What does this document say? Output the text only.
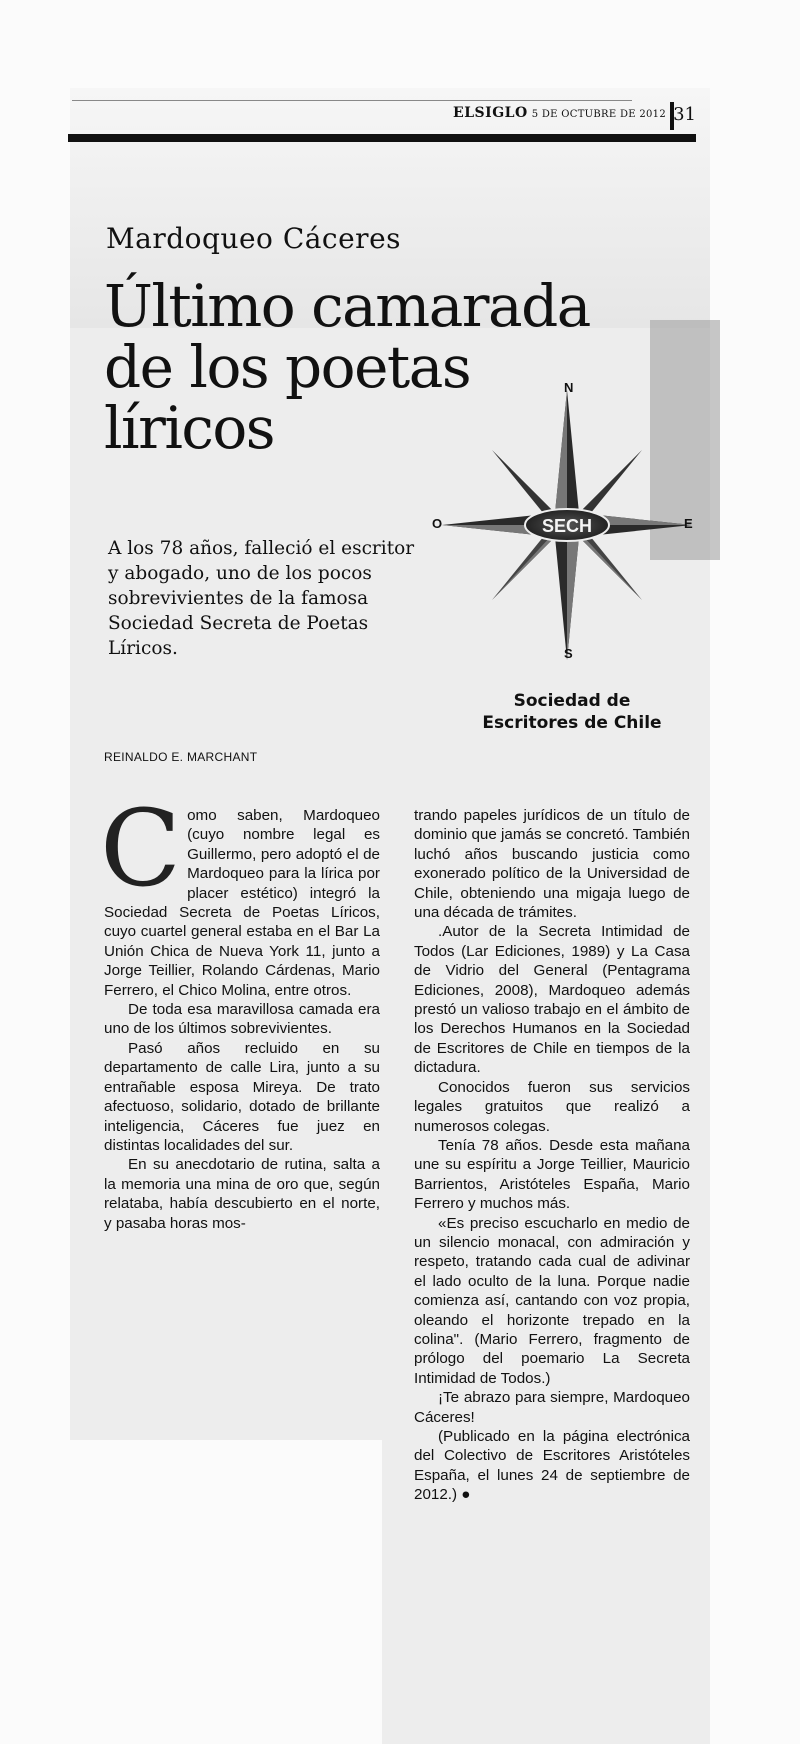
ELSIGLO 5 DE OCTUBRE DE 2012 31
Mardoqueo Cáceres
Último camarada
de los poetas
líricos
A los 78 años, falleció el escritor y abogado, uno de los pocos sobrevivientes de la famosa Sociedad Secreta de Poetas Líricos.
REINALDO E. MARCHANT
SECH
N
O	E
S
Sociedad de
Escritores de Chile

Como saben, Mardoqueo (cuyo nombre legal es Guillermo, pero adoptó el de Mardoqueo para la lírica por placer estético) integró la Sociedad Secreta de Poetas Líricos, cuyo cuartel general estaba en el Bar La Unión Chica de Nueva York 11, junto a Jorge Teillier, Rolando Cárdenas, Mario Ferrero, el Chico Molina, entre otros.

De toda esa maravillosa camada era uno de los últimos sobrevivientes.

Pasó años recluido en su departamento de calle Lira, junto a su entrañable esposa Mireya. De trato afectuoso, solidario, dotado de brillante inteligencia, Cáceres fue juez en distintas localidades del sur.

En su anecdotario de rutina, salta a la memoria una mina de oro que, según relataba, había descubierto en el norte, y pasaba horas mos-

trando papeles jurídicos de un título de dominio que jamás se concretó. También luchó años buscando justicia como exonerado político de la Universidad de Chile, obteniendo una migaja luego de una década de trámites.

.Autor de la Secreta Intimidad de Todos (Lar Ediciones, 1989) y La Casa de Vidrio del General (Pentagrama Ediciones, 2008), Mardoqueo además prestó un valioso trabajo en el ámbito de los Derechos Humanos en la Sociedad de Escritores de Chile en tiempos de la dictadura.

Conocidos fueron sus servicios legales gratuitos que realizó a numerosos colegas.

Tenía 78 años. Desde esta mañana une su espíritu a Jorge Teillier, Mauricio Barrientos, Aristóteles España, Mario Ferrero y muchos más.

«Es preciso escucharlo en medio de un silencio monacal, con admiración y respeto, tratando cada cual de adivinar el lado oculto de la luna. Porque nadie comienza así, cantando con voz propia, oleando el horizonte trepado en la colina". (Mario Ferrero, fragmento de prólogo del poemario La Secreta Intimidad de Todos.)

¡Te abrazo para siempre, Mardoqueo Cáceres!

(Publicado en la página electrónica del Colectivo de Escritores Aristóteles España, el lunes 24 de septiembre de 2012.) ●
